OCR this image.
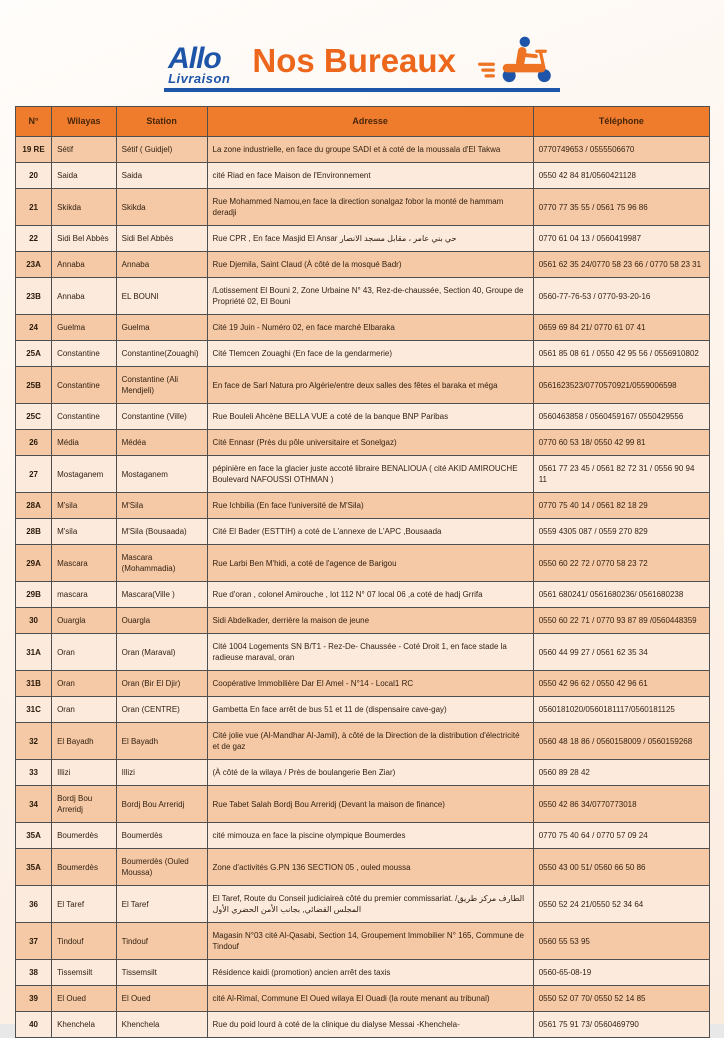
Allo
Livraison Nos Bureaux
N°	Wilayas	Station	Adresse	Téléphone
19 RE	Sétif	Sétif ( Guidjel)	La zone industrielle, en face du groupe SADI et à coté de la moussala d'El Takwa	0770749653 / 0555506670
20	Saida	Saida	cité Riad en face Maison de l'Environnement	0550 42 84 81/0560421128
21	Skikda	Skikda	Rue Mohammed Namou,en face la direction sonalgaz fobor la monté de hammam deradji	0770 77 35 55 / 0561 75 96 86
22	Sidi Bel Abbès	Sidi Bel Abbès	Rue CPR , En face Masjid El Ansar حي بني عامر ، مقابل مسجد الانصار	0770 61 04 13 / 0560419987
23A	Annaba	Annaba	Rue Djemila, Saint Claud (À côté de la mosqué Badr)	0561 62 35 24/0770 58 23 66 / 0770 58 23 31
23B	Annaba	EL BOUNI	/Lotissement El Bouni 2, Zone Urbaine N° 43, Rez-de-chaussée, Section 40, Groupe de Propriété 02, El Bouni	0560-77-76-53 / 0770-93-20-16
24	Guelma	Guelma	Cité 19 Juin - Numéro 02, en face marché Elbaraka	0659 69 84 21/ 0770 61 07 41
25A	Constantine	Constantine(Zouaghi)	Cité Tlemcen Zouaghi (En face de la gendarmerie)	0561 85 08 61 / 0550 42 95 56 / 0556910802
25B	Constantine	Constantine (Ali Mendjeli)	En face de Sarl Natura pro Algérie/entre deux salles des fêtes el baraka et méga	0561623523/0770570921/0559006598
25C	Constantine	Constantine (Ville)	Rue Bouleli Ahcène BELLA VUE a coté de la banque BNP Paribas	0560463858 / 0560459167/ 0550429556
26	Média	Médéa	Cité Ennasr (Près du pôle universitaire et Sonelgaz)	0770 60 53 18/ 0550 42 99 81
27	Mostaganem	Mostaganem	pépinière en face la glacier juste accoté libraire BENALIOUA ( cité AKID AMIROUCHE Boulevard NAFOUSSI OTHMAN )	0561 77 23 45 / 0561 82 72 31 / 0556 90 94 11
28A	M'sila	M'Sila	Rue Ichbilia (En face l'université de M'Sila)	0770 75 40 14 / 0561 82 18 29
28B	M'sila	M'Sila (Bousaada)	Cité El Bader (ESTTIH) a coté de L'annexe de L'APC ,Bousaada	0559 4305 087 / 0559 270 829
29A	Mascara	Mascara (Mohammadia)	Rue Larbi Ben M'hidi, a coté de l'agence de Barigou	0550 60 22 72 / 0770 58 23 72
29B	mascara	Mascara(Ville )	Rue d'oran , colonel Amirouche , lot 112 N° 07 local 06 ,a coté de hadj Grrifa	0561 680241/ 0561680236/ 0561680238
30	Ouargla	Ouargla	Sidi Abdelkader, derrière la maison de jeune	0550 60 22 71 / 0770 93 87 89 /0560448359
31A	Oran	Oran (Maraval)	Cité 1004 Logements SN B/T1 - Rez-De- Chaussée - Coté Droit 1, en face stade la radieuse maraval, oran	0560 44 99 27 / 0561 62 35 34
31B	Oran	Oran (Bir El Djir)	Coopérative Immobilière Dar El Amel - N°14 - Local1 RC	0550 42 96 62 / 0550 42 96 61
31C	Oran	Oran (CENTRE)	Gambetta En face arrêt de bus 51 et 11 de (dispensaire cave-gay)	0560181020/0560181117/0560181125
32	El Bayadh	El Bayadh	Cité jolie vue (Al-Mandhar Al-Jamil), à côté de la Direction de la distribution d'électricité et de gaz	0560 48 18 86 / 0560158009 / 0560159268
33	Illizi	Illizi	(À côté de la wilaya / Près de boulangerie Ben Ziar)	0560 89 28 42
34	Bordj Bou Arreridj	Bordj Bou Arreridj	Rue Tabet Salah Bordj Bou Arreridj (Devant la maison de finance)	0550 42 86 34/0770773018
35A	Boumerdès	Boumerdès	cité mimouza en face la piscine olympique Boumerdes	0770 75 40 64 / 0770 57 09 24
35A	Boumerdès	Boumerdès (Ouled Moussa)	Zone d'activités G.PN 136 SECTION 05 , ouled moussa	0550 43 00 51/ 0560 66 50 86
36	El Taref	El Taref	El Taref, Route du Conseil judiciaireà côté du premier commissariat. /الطارف مركز طريق المجلس القضائي, بجانب الأمن الحضري الأول	0550 52 24 21/0550 52 34 64
37	Tindouf	Tindouf	Magasin N°03 cité Al-Qasabi, Section 14, Groupement Immobilier N° 165, Commune de Tindouf	0560 55 53 95
38	Tissemsilt	Tissemsilt	Résidence kaidi (promotion) ancien arrêt des taxis	0560-65-08-19
39	El Oued	El Oued	cité Al-Rimal, Commune El Oued wilaya El Ouadi (la route menant au tribunal)	0550 52 07 70/ 0550 52 14 85
40	Khenchela	Khenchela	Rue du poid lourd à coté de la clinique du dialyse Messai -Khenchela-	0561 75 91 73/ 0560469790
